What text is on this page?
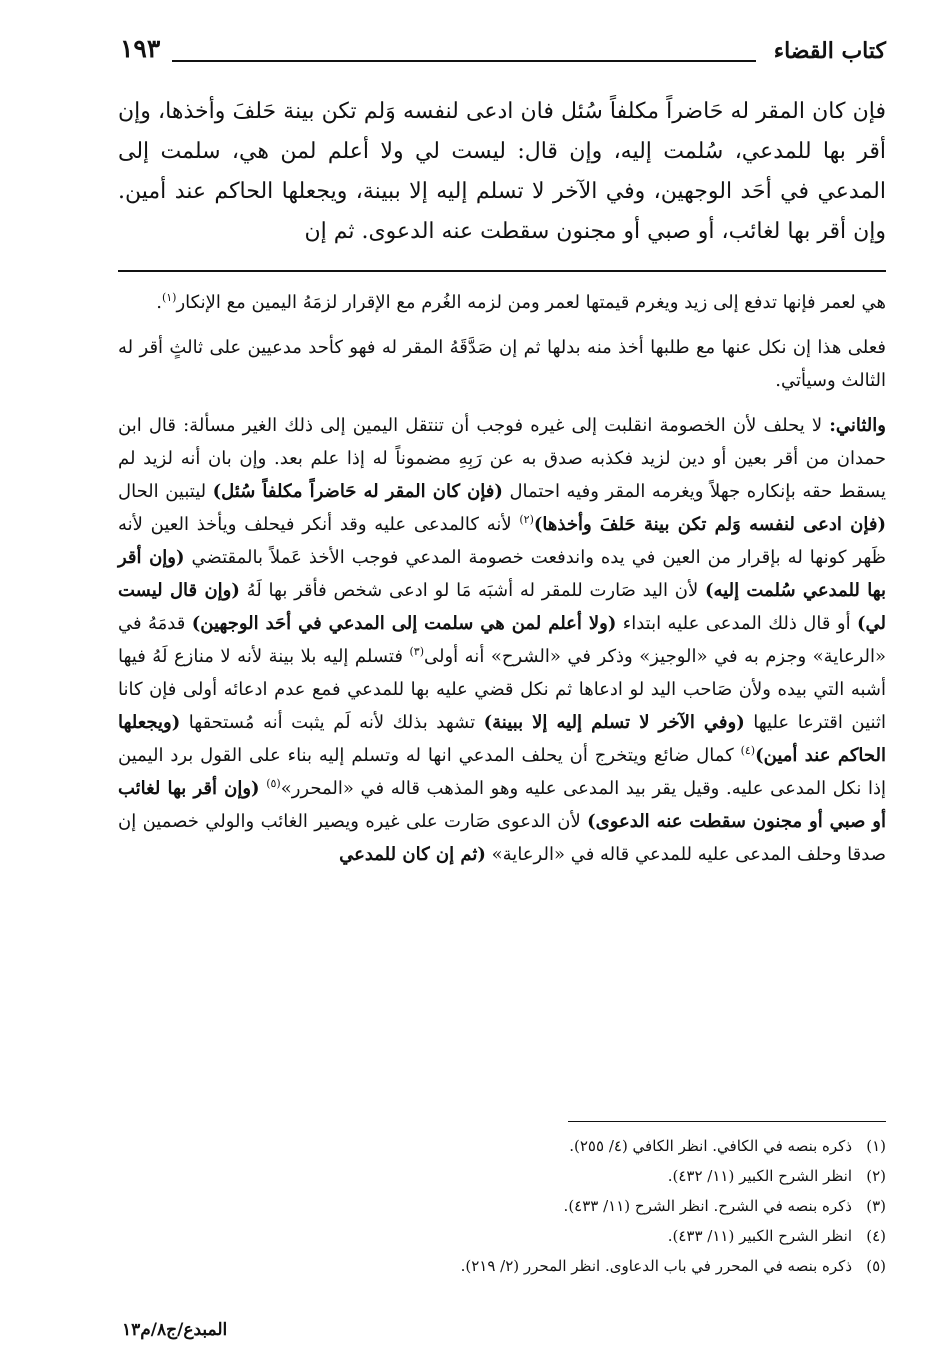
١٩٣	كتاب القضاء
فإن كان المقر له حَاضراً مكلفاً سُئل فان ادعى لنفسه وَلم تكن بينة حَلفَ وأخذها، وإن أقر بها للمدعي، سُلمت إليه، وإن قال: ليست لي ولا أعلم لمن هي، سلمت إلى المدعي في أحَد الوجهين، وفي الآخر لا تسلم إليه إلا ببينة، ويجعلها الحاكم عند أمين. وإن أقر بها لغائب، أو صبي أو مجنون سقطت عنه الدعوى. ثم إن

هي لعمر فإنها تدفع إلى زيد ويغرم قيمتها لعمر ومن لزمه الغُرم مع الإقرار لزمَهُ اليمين مع الإنكار$^{(١)}$.

فعلى هذا إن نكل عنها مع طلبها أخذ منه بدلها ثم إن صَدَّقَهُ المقر له فهو كأحد مدعيين على ثالثٍ أقر له الثالث وسيأتي.

والثاني: لا يحلف لأن الخصومة انقلبت إلى غيره فوجب أن تنتقل اليمين إلى ذلك الغير مسألة: قال ابن حمدان من أقر بعين أو دين لزيد فكذبه صدق به عن رَبِهِ مضموناً له إذا علم بعد. وإن بان أنه لزيد لم يسقط حقه بإنكاره جهلاً ويغرمه المقر وفيه احتمال (فإن كان المقر له حَاضراً مكلفاً سُئل) ليتبين الحال (فإن ادعى لنفسه وَلم تكن بينة حَلفَ وأخذها)$^{(٢)}$ لأنه كالمدعى عليه وقد أنكر فيحلف ويأخذ العين لأنه ظَهر كونها له بإقرار من العين في يده واندفعت خصومة المدعي فوجب الأخذ عَملاً بالمقتضي (وإن أقر بها للمدعي سُلمت إليه) لأن اليد صَارت للمقر له أشبَه مَا لو ادعى شخص فأقر بها لَهُ (وإن قال ليست لي) أو قال ذلك المدعى عليه ابتداء (ولا أعلم لمن هي سلمت إلى المدعي في أحَد الوجهين) قدمَهُ في «الرعاية» وجزم به في «الوجيز» وذكر في «الشرح» أنه أولى$^{(٣)}$ فتسلم إليه بلا بينة لأنه لا منازع لَهُ فيها أشبه التي بيده ولأن صَاحب اليد لو ادعاها ثم نكل قضي عليه بها للمدعي فمع عدم ادعائه أولى فإن كانا اثنين اقترعا عليها (وفي الآخر لا تسلم إليه إلا ببينة) تشهد بذلك لأنه لَم يثبت أنه مُستحقها (ويجعلها الحاكم عند أمين)$^{(٤)}$ كمال ضائع ويتخرج أن يحلف المدعي انها له وتسلم إليه بناء على القول برد اليمين إذا نكل المدعى عليه. وقيل يقر بيد المدعى عليه وهو المذهب قاله في «المحرر»$^{(٥)}$ (وإن أقر بها لغائب أو صبي أو مجنون سقطت عنه الدعوى) لأن الدعوى صَارت على غيره ويصير الغائب والولي خصمين إن صدقا وحلف المدعى عليه للمدعي قاله في «الرعاية» (ثم إن كان للمدعي

(١)ذكره بنصه في الكافي. انظر الكافي (٤/ ٢٥٥).
(٢)انظر الشرح الكبير (١١/ ٤٣٢).
(٣)ذكره بنصه في الشرح. انظر الشرح (١١/ ٤٣٣).
(٤)انظر الشرح الكبير (١١/ ٤٣٣).
(٥)ذكره بنصه في المحرر في باب الدعاوى. انظر المحرر (٢/ ٢١٩).
المبدع/ج٨/م١٣
